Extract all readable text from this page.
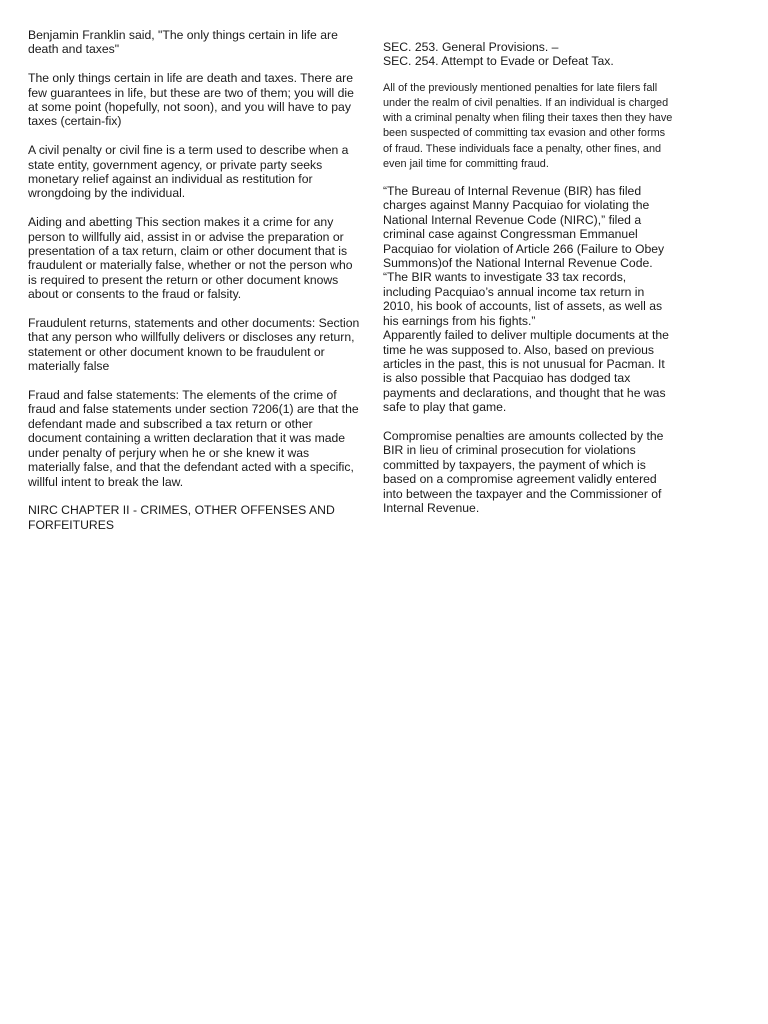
Benjamin Franklin said, "The only things certain in life are death and taxes"

The only things certain in life are death and taxes. There are few guarantees in life, but these are two of them; you will die at some point (hopefully, not soon), and you will have to pay taxes (certain-fix)

A civil penalty or civil fine is a term used to describe when a state entity, government agency, or private party seeks monetary relief against an individual as restitution for wrongdoing by the individual.

Aiding and abetting This section makes it a crime for any person to willfully aid, assist in or advise the preparation or presentation of a tax return, claim or other document that is fraudulent or materially false, whether or not the person who is required to present the return or other document knows about or consents to the fraud or falsity.

Fraudulent returns, statements and other documents: Section that any person who willfully delivers or discloses any return, statement or other document known to be fraudulent or materially false

Fraud and false statements: The elements of the crime of fraud and false statements under section 7206(1) are that the defendant made and subscribed a tax return or other document containing a written declaration that it was made under penalty of perjury when he or she knew it was materially false, and that the defendant acted with a specific, willful intent to break the law.

NIRC CHAPTER II - CRIMES, OTHER OFFENSES AND FORFEITURES

SEC. 253. General Provisions. –

SEC. 254. Attempt to Evade or Defeat Tax.

All of the previously mentioned penalties for late filers fall under the realm of civil penalties. If an individual is charged with a criminal penalty when filing their taxes then they have been suspected of committing tax evasion and other forms of fraud. These individuals face a penalty, other fines, and even jail time for committing fraud.

“The Bureau of Internal Revenue (BIR) has filed charges against Manny Pacquiao for violating the National Internal Revenue Code (NIRC),” filed a criminal case against Congressman Emmanuel Pacquiao for violation of Article 266 (Failure to Obey Summons)of the National Internal Revenue Code. “The BIR wants to investigate 33 tax records, including Pacquiao’s annual income tax return in 2010, his book of accounts, list of assets, as well as his earnings from his fights.”

Apparently failed to deliver multiple documents at the time he was supposed to. Also, based on previous articles in the past, this is not unusual for Pacman. It is also possible that Pacquiao has dodged tax payments and declarations, and thought that he was safe to play that game.

Compromise penalties are amounts collected by the BIR in lieu of criminal prosecution for violations committed by taxpayers, the payment of which is based on a compromise agreement validly entered into between the taxpayer and the Commissioner of Internal Revenue.
